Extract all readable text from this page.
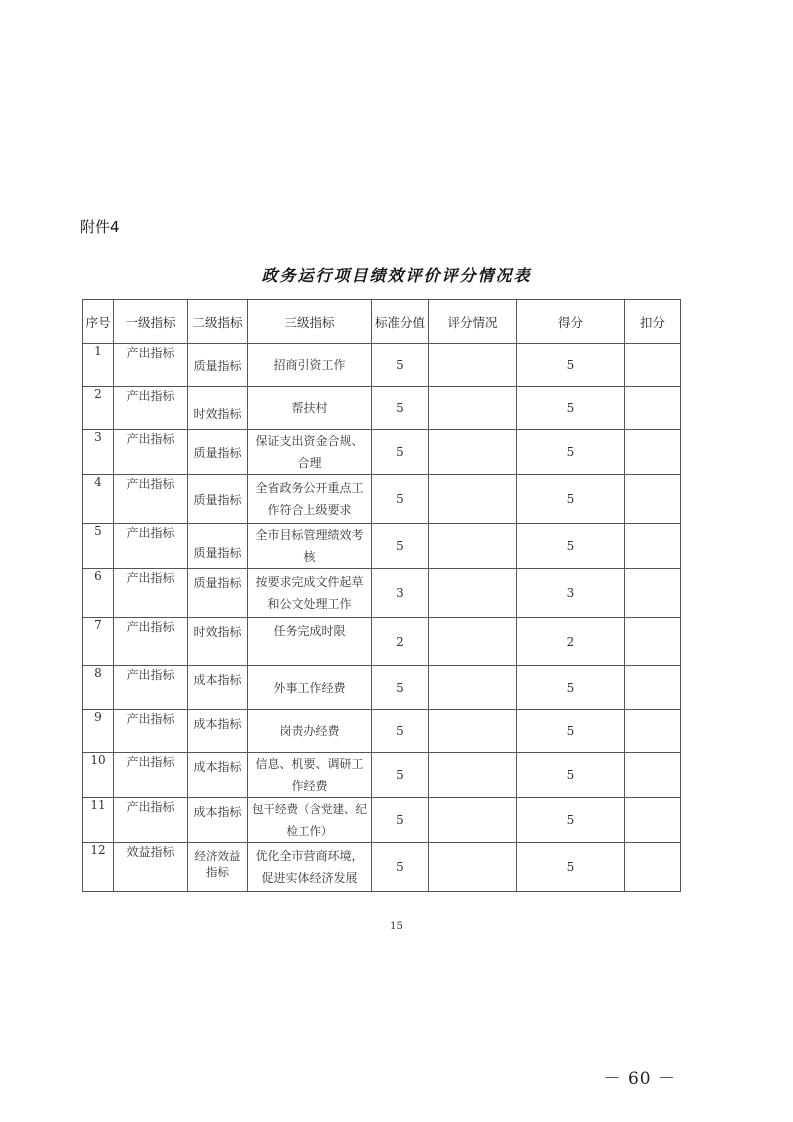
附件4
政务运行项目绩效评价评分情况表
序号	一级指标	二级指标	三级指标	标准分值	评分情况	得分	扣分
1	产出指标	质量指标	招商引资工作	5		5	
2	产出指标	时效指标	帮扶村	5		5	
3	产出指标	质量指标	保证支出资金合规、合理	5		5	
4	产出指标	质量指标	全省政务公开重点工作符合上级要求	5		5	
5	产出指标	质量指标	全市目标管理绩效考核	5		5	
6	产出指标	质量指标	按要求完成文件起草和公文处理工作	3		3	
7	产出指标	时效指标	任务完成时限	2		2	
8	产出指标	成本指标	外事工作经费	5		5	
9	产出指标	成本指标	岗责办经费	5		5	
10	产出指标	成本指标	信息、机要、调研工作经费	5		5	
11	产出指标	成本指标	包干经费（含党建、纪检工作）	5		5	
12	效益指标	经济效益指标	优化全市营商环境，促进实体经济发展	5		5	
15
－ 60 －
